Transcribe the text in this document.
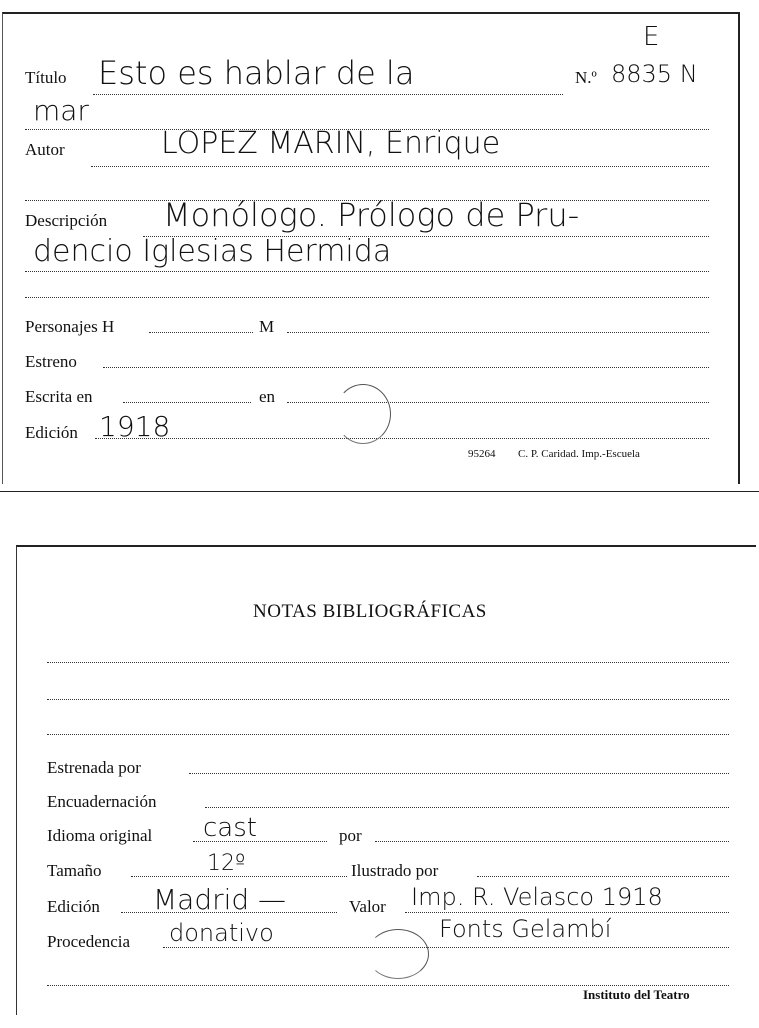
E
Título Esto es hablar de la	N.º 8835 N
mar
Autor	LOPEZ MARIN, Enrique
Descripción Monólogo. Prólogo de Pru-
dencio Iglesias Hermida
Personajes H	M
Estreno
Escrita en	en
Edición 1918
95264 C. P. Caridad. Imp.-Escuela
NOTAS BIBLIOGRÁFICAS
Estrenada por
Encuadernación
Idioma original cast	por
Tamaño	12º	Ilustrado por
Edición Madrid —	Valor Imp. R. Velasco 1918
Procedencia donativo	Fonts Gelambí
Instituto del Teatro
